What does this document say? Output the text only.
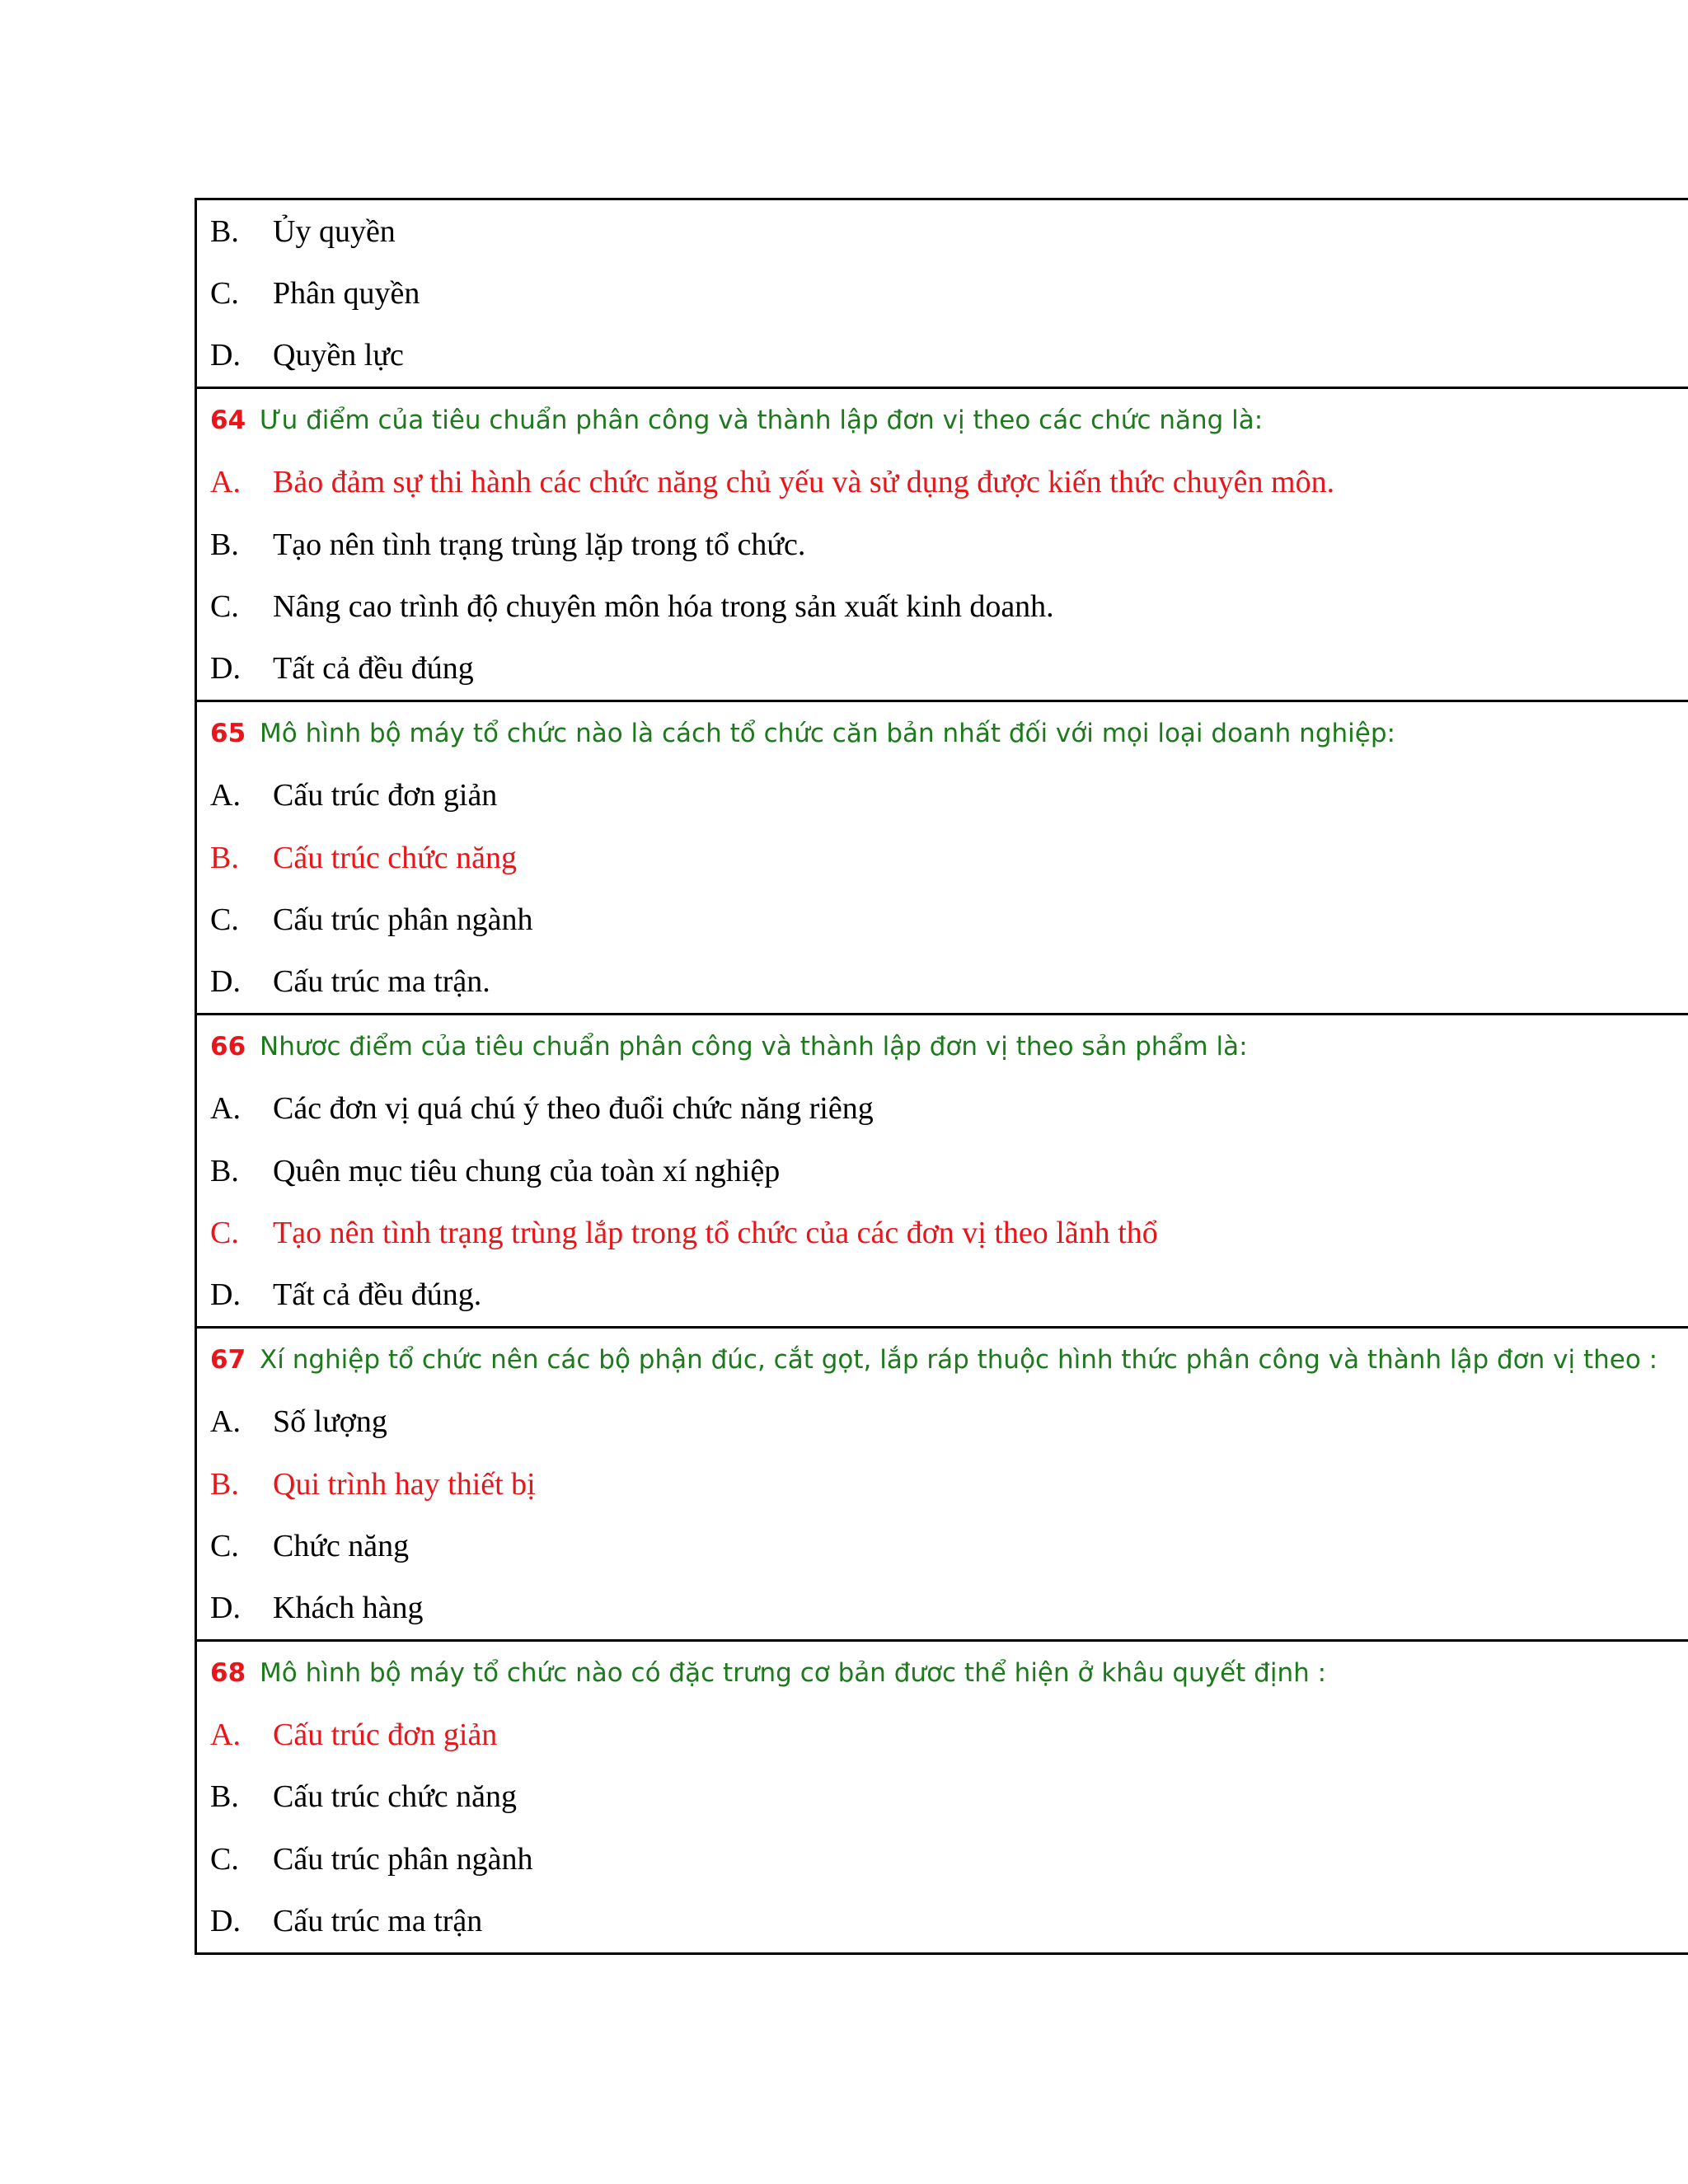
B.	Ủy quyền
C.	Phân quyền
D.	Quyền lực
64 Ưu điểm của tiêu chuẩn phân công và thành lập đơn vị theo các chức năng là:
A.	Bảo đảm sự thi hành các chức năng chủ yếu và sử dụng được kiến thức chuyên môn.
B.	Tạo nên tình trạng trùng lặp trong tổ chức.
C.	Nâng cao trình độ chuyên môn hóa trong sản xuất kinh doanh.
D.	Tất cả đều đúng
65 Mô hình bộ máy tổ chức nào là cách tổ chức căn bản nhất đối với mọi loại doanh nghiệp:
A.	Cấu trúc đơn giản
B.	Cấu trúc chức năng
C.	Cấu trúc phân ngành
D.	Cấu trúc ma trận.
66 Nhươc điểm của tiêu chuẩn phân công và thành lập đơn vị theo sản phẩm là:
A.	Các đơn vị quá chú ý theo đuổi chức năng riêng
B.	Quên mục tiêu chung của toàn xí nghiệp
C.	Tạo nên tình trạng trùng lắp trong tổ chức của các đơn vị theo lãnh thổ
D.	Tất cả đều đúng.
67 Xí nghiệp tổ chức nên các bộ phận đúc, cắt gọt, lắp ráp thuộc hình thức phân công và thành lập đơn vị theo :
A.	Số lượng
B.	Qui trình hay thiết bị
C.	Chức năng
D.	Khách hàng
68 Mô hình bộ máy tổ chức nào có đặc trưng cơ bản đươc thể hiện ở khâu quyết định :
A.	Cấu trúc đơn giản
B.	Cấu trúc chức năng
C.	Cấu trúc phân ngành
D.	Cấu trúc ma trận
